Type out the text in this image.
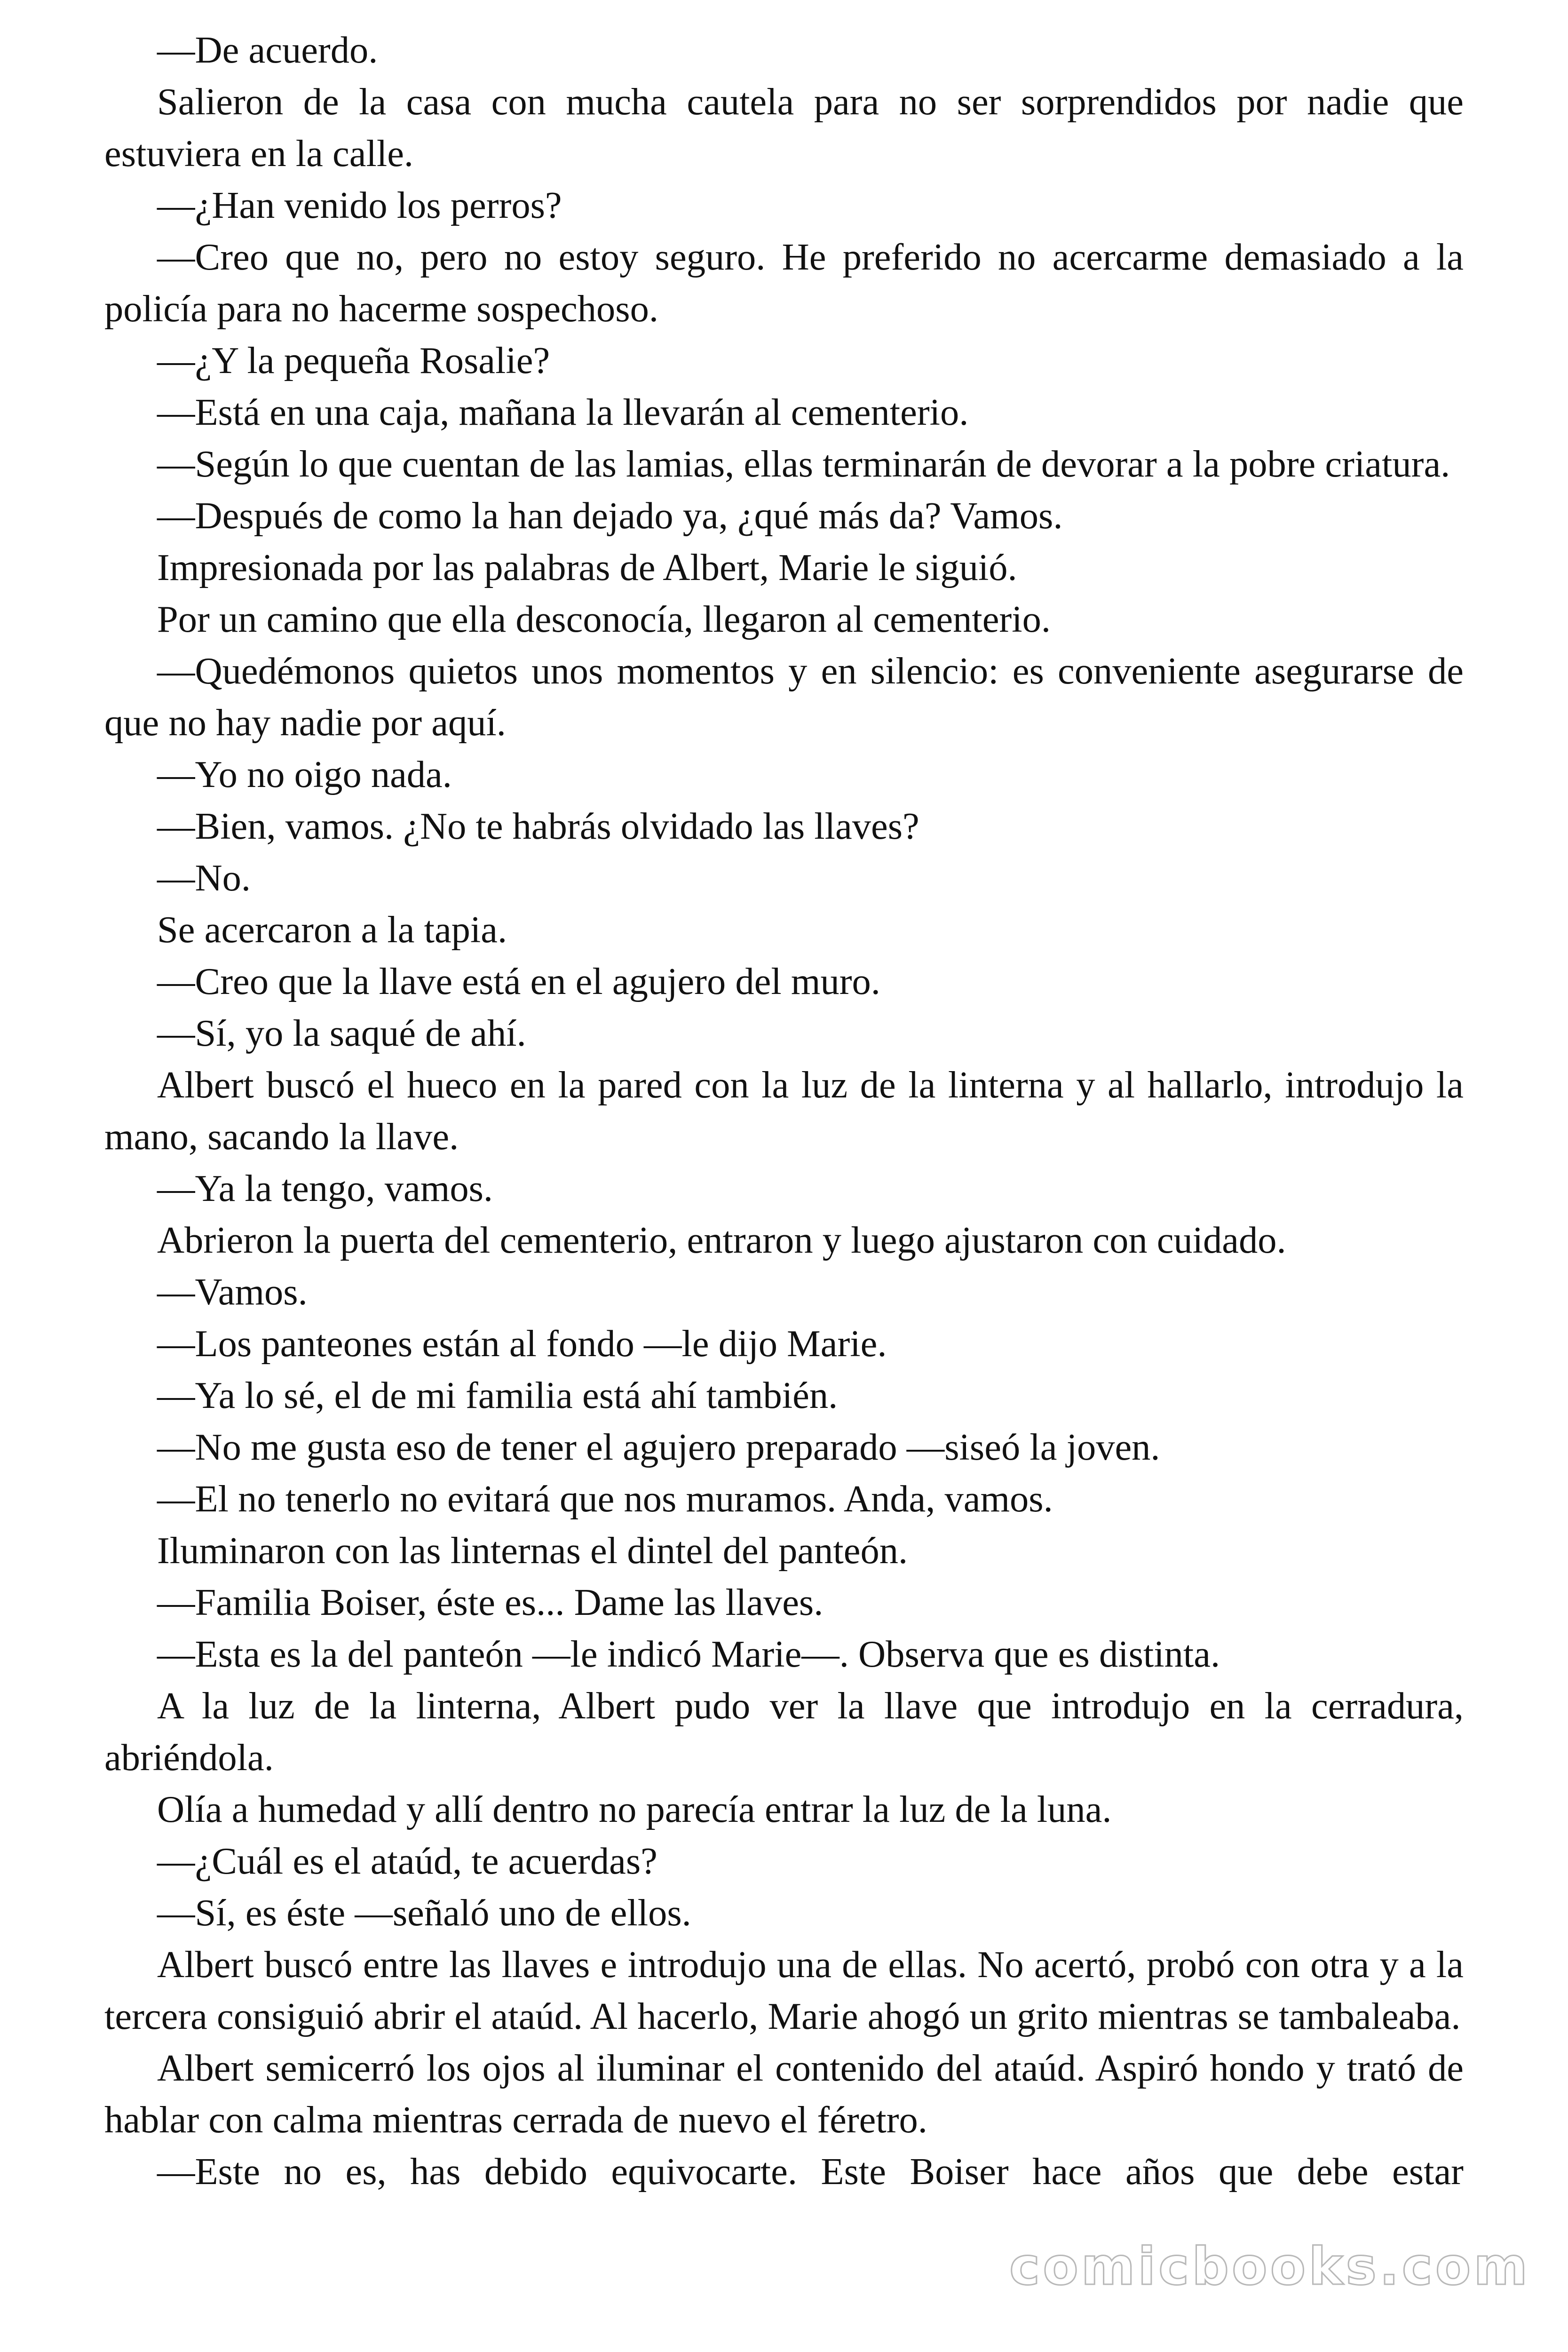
—De acuerdo.

Salieron de la casa con mucha cautela para no ser sorprendidos por nadie que estuviera en la calle.

—¿Han venido los perros?

—Creo que no, pero no estoy seguro. He preferido no acercarme demasiado a la policía para no hacerme sospechoso.

—¿Y la pequeña Rosalie?

—Está en una caja, mañana la llevarán al cementerio.

—Según lo que cuentan de las lamias, ellas terminarán de devorar a la pobre criatura.

—Después de como la han dejado ya, ¿qué más da? Vamos.

Impresionada por las palabras de Albert, Marie le siguió.

Por un camino que ella desconocía, llegaron al cementerio.

—Quedémonos quietos unos momentos y en silencio: es conveniente asegurarse de que no hay nadie por aquí.

—Yo no oigo nada.

—Bien, vamos. ¿No te habrás olvidado las llaves?

—No.

Se acercaron a la tapia.

—Creo que la llave está en el agujero del muro.

—Sí, yo la saqué de ahí.

Albert buscó el hueco en la pared con la luz de la linterna y al hallarlo, introdujo la mano, sacando la llave.

—Ya la tengo, vamos.

Abrieron la puerta del cementerio, entraron y luego ajustaron con cuidado.

—Vamos.

—Los panteones están al fondo —le dijo Marie.

—Ya lo sé, el de mi familia está ahí también.

—No me gusta eso de tener el agujero preparado —siseó la joven.

—El no tenerlo no evitará que nos muramos. Anda, vamos.

Iluminaron con las linternas el dintel del panteón.

—Familia Boiser, éste es... Dame las llaves.

—Esta es la del panteón —le indicó Marie—. Observa que es distinta.

A la luz de la linterna, Albert pudo ver la llave que introdujo en la cerradura, abriéndola.

Olía a humedad y allí dentro no parecía entrar la luz de la luna.

—¿Cuál es el ataúd, te acuerdas?

—Sí, es éste —señaló uno de ellos.

Albert buscó entre las llaves e introdujo una de ellas. No acertó, probó con otra y a la tercera consiguió abrir el ataúd. Al hacerlo, Marie ahogó un grito mientras se tambaleaba.

Albert semicerró los ojos al iluminar el contenido del ataúd. Aspiró hondo y trató de hablar con calma mientras cerrada de nuevo el féretro.

—Este no es, has debido equivocarte. Este Boiser hace años que debe estar

comicbooks.com
